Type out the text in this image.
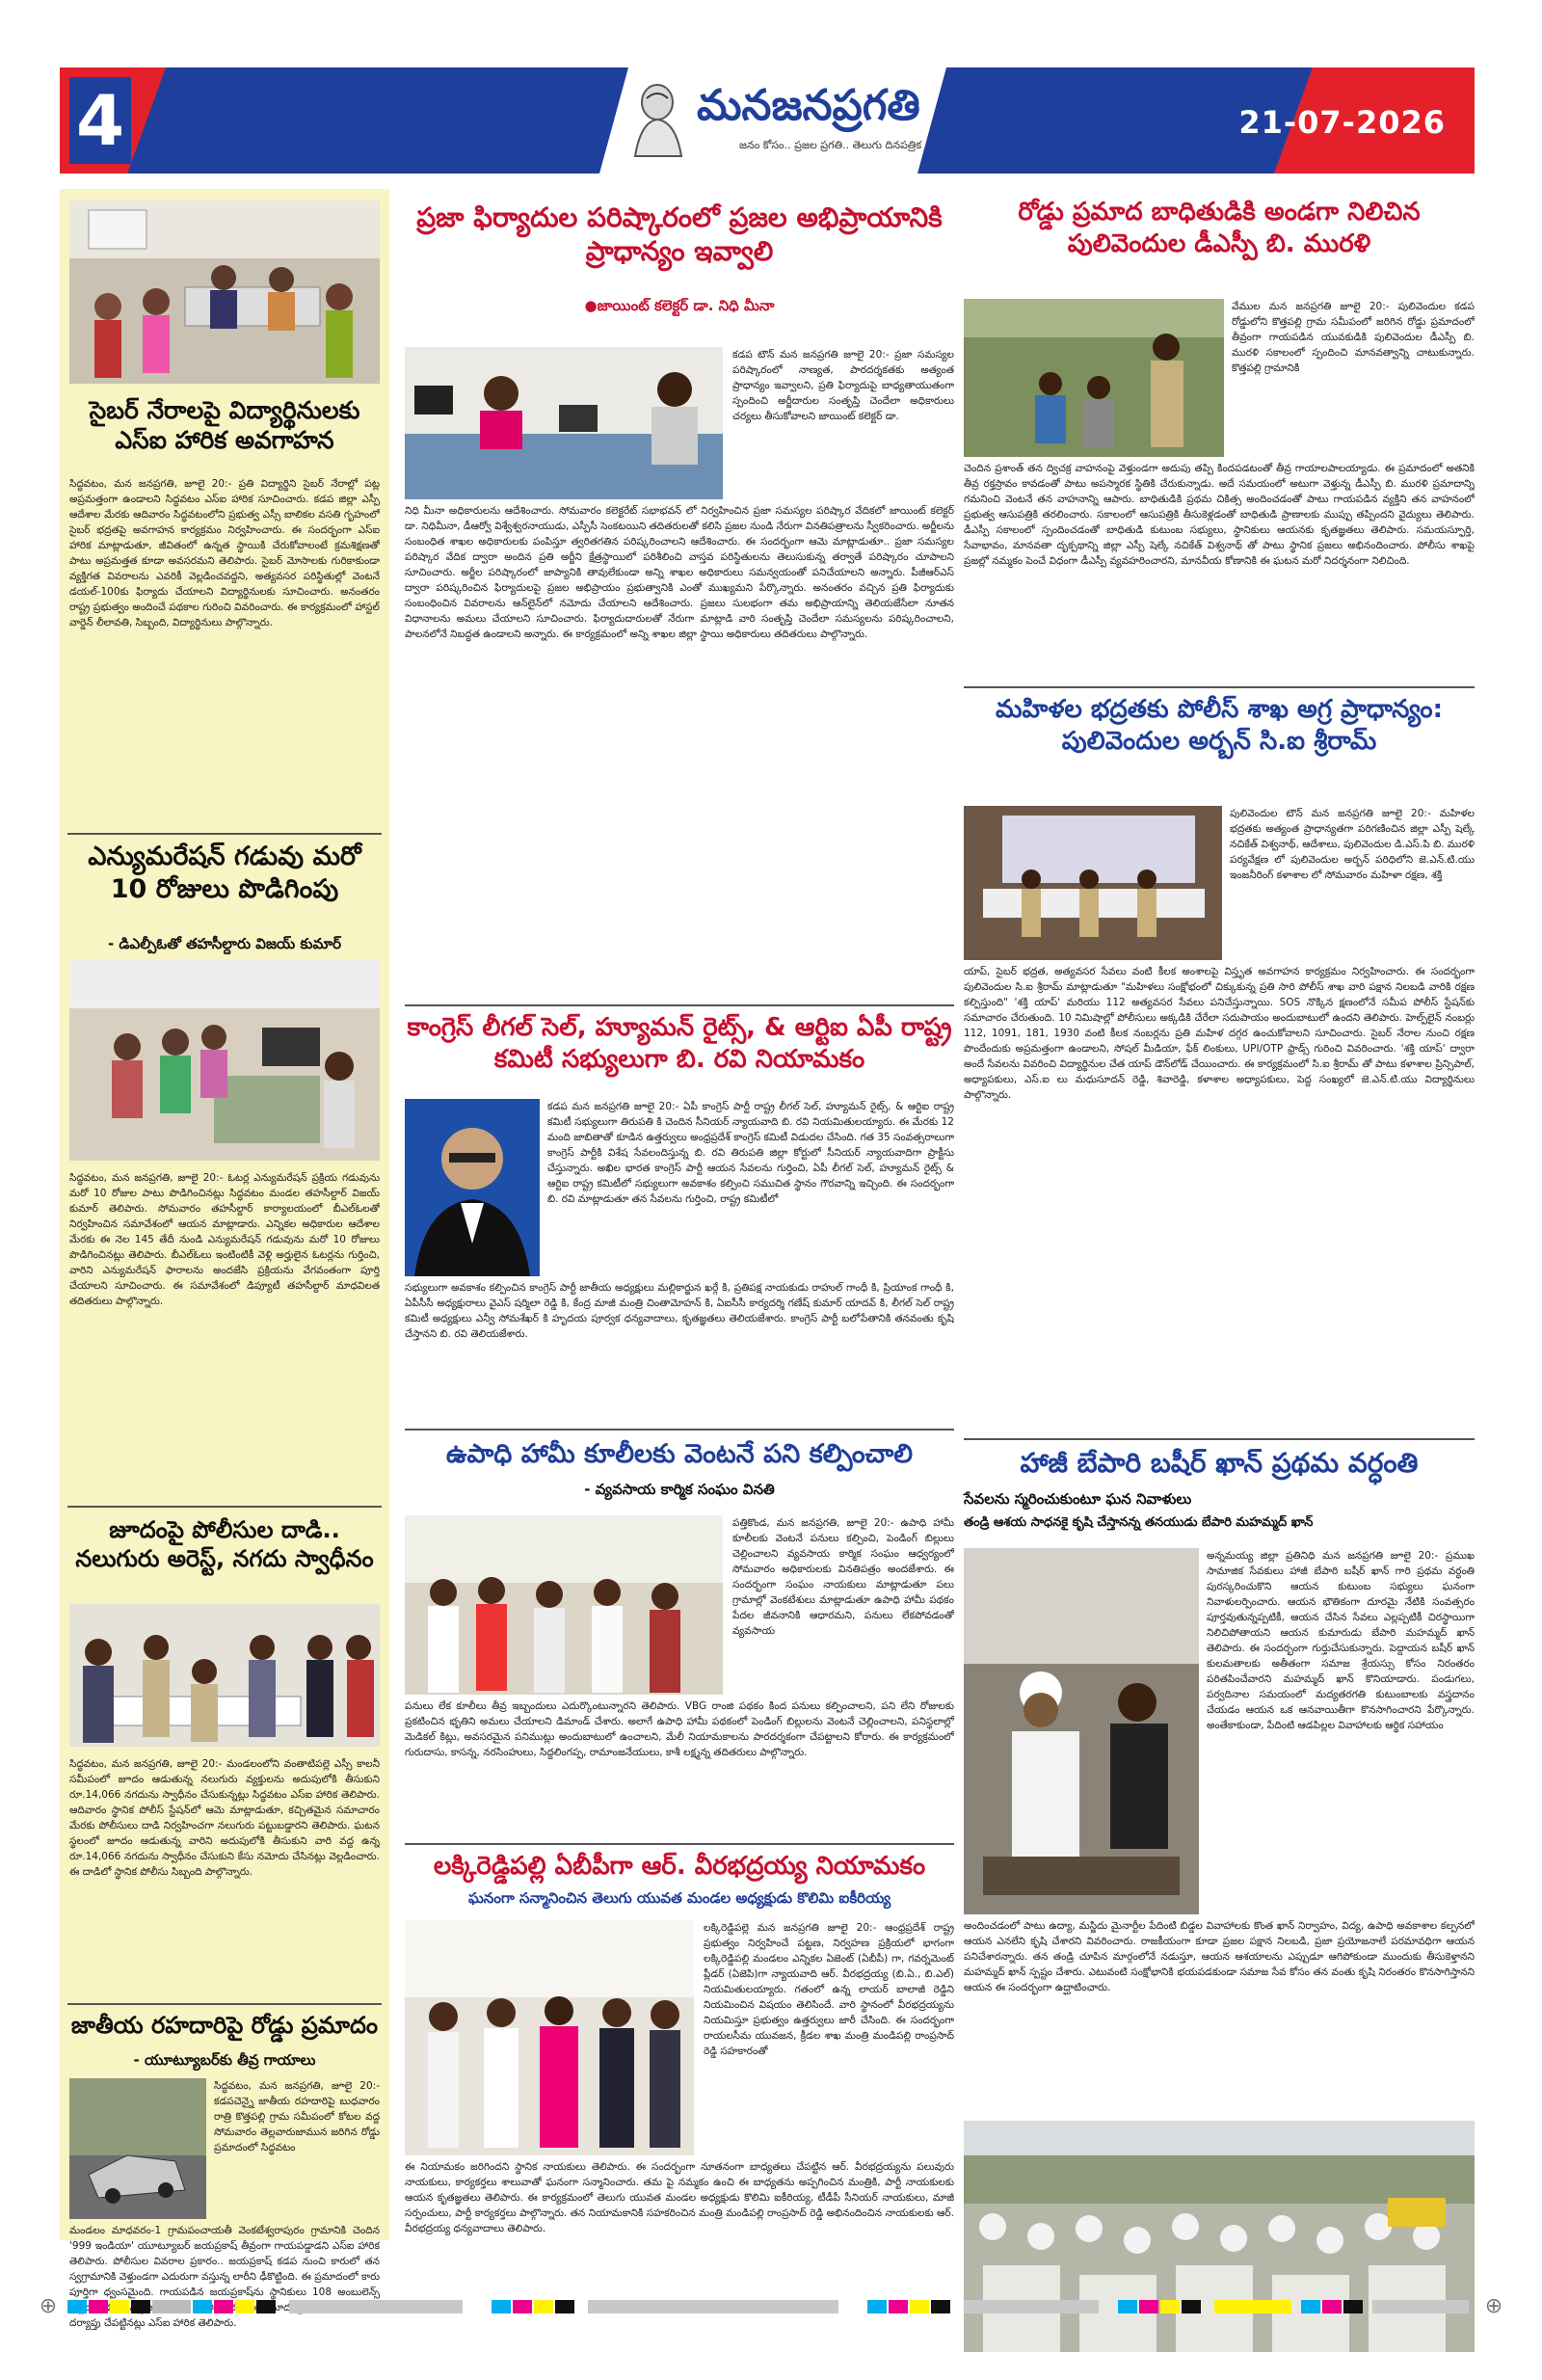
4	మనజనప్రగతి
జనం కోసం.. ప్రజల ప్రగతి.. తెలుగు దినపత్రిక
21-07-2026
సైబర్ నేరాలపై విద్యార్థినులకు ఎస్ఐ హారిక అవగాహన
సిద్ధవటం, మన జనప్రగతి, జూలై 20:- ప్రతి విద్యార్థిని సైబర్ నేరాల్లో పట్ల అప్రమత్తంగా ఉండాలని సిద్ధవటం ఎస్ఐ హారిక సూచించారు. కడప జిల్లా ఎస్పీ ఆదేశాల మేరకు ఆదివారం సిద్ధవటంలోని ప్రభుత్వ ఎస్సీ బాలికల వసతి గృహంలో సైబర్ భద్రతపై అవగాహన కార్యక్రమం నిర్వహించారు. ఈ సందర్భంగా ఎస్ఐ హారిక మాట్లాడుతూ, జీవితంలో ఉన్నత స్థాయికి చేరుకోవాలంటే క్రమశిక్షణతో పాటు అప్రమత్తత కూడా అవసరమని తెలిపారు. సైబర్ మోసాలకు గురికాకుండా వ్యక్తిగత వివరాలను ఎవరికీ వెల్లడించవద్దని, అత్యవసర పరిస్థితుల్లో వెంటనే డయల్-100కు ఫిర్యాదు చేయాలని విద్యార్థినులకు సూచించారు. అనంతరం రాష్ట్ర ప్రభుత్వం అందించే పథకాల గురించి వివరించారు. ఈ కార్యక్రమంలో హాస్టల్ వార్డెన్ లీలావతి, సిబ్బంది, విద్యార్థినులు పాల్గొన్నారు.
ఎన్యుమరేషన్ గడువు మరో 10 రోజులు పొడిగింపు
- డిఎల్పీఓతో తహసీల్దారు విజయ్ కుమార్
సిద్ధవటం, మన జనప్రగతి, జూలై 20:- ఓటర్ల ఎన్యుమరేషన్ ప్రక్రియ గడువును మరో 10 రోజుల పాటు పొడిగించినట్లు సిద్ధవటం మండల తహసీల్దార్ విజయ్ కుమార్ తెలిపారు. సోమవారం తహసీల్దార్ కార్యాలయంలో బీఎల్ఓలతో నిర్వహించిన సమావేశంలో ఆయన మాట్లాడారు. ఎన్నికల అధికారుల ఆదేశాల మేరకు ఈ నెల 145 తేదీ నుండి ఎన్యుమరేషన్ గడువును మరో 10 రోజులు పొడిగించినట్లు తెలిపారు. బీఎల్ఓలు ఇంటింటికీ వెళ్లి అర్హులైన ఓటర్లను గుర్తించి, వారిని ఎన్యుమరేషన్ ఫారాలను అందజేసి ప్రక్రియను వేగవంతంగా పూర్తి చేయాలని సూచించారు. ఈ సమావేశంలో డిప్యూటీ తహసీల్దార్ మాధవిలత తదితరులు పాల్గొన్నారు.
జూదంపై పోలీసుల దాడి.. నలుగురు అరెస్ట్, నగదు స్వాధీనం
సిద్ధవటం, మన జనప్రగతి, జూలై 20:- మండలంలోని వంతాటిపల్లె ఎస్సీ కాలనీ సమీపంలో జూదం ఆడుతున్న నలుగురు వ్యక్తులను అదుపులోకి తీసుకుని రూ.14,066 నగదును స్వాధీనం చేసుకున్నట్లు సిద్ధవటం ఎస్ఐ హారిక తెలిపారు. ఆదివారం స్థానిక పోలీస్ స్టేషన్‌లో ఆమె మాట్లాడుతూ, కచ్చితమైన సమాచారం మేరకు పోలీసులు దాడి నిర్వహించగా నలుగురు పట్టుబడ్డారని తెలిపారు. ఘటన స్థలంలో జూదం ఆడుతున్న వారిని అదుపులోకి తీసుకుని వారి వద్ద ఉన్న రూ.14,066 నగదును స్వాధీనం చేసుకుని కేసు నమోదు చేసినట్లు వెల్లడించారు. ఈ దాడిలో స్థానిక పోలీసు సిబ్బంది పాల్గొన్నారు.
జాతీయ రహదారిపై రోడ్డు ప్రమాదం
- యూట్యూబర్‌కు తీవ్ర గాయాలు
సిద్ధవటం, మన జనప్రగతి, జూలై 20:- కడపచెన్నై జాతీయ రహదారిపై బుధవారం రాత్రి కొత్తపల్లి గ్రామ సమీపంలో కోటల వద్ద సోమవారం తెల్లవారుజామున జరిగిన రోడ్డు ప్రమాదంలో సిద్ధవటం
మండలం మాధవరం-1 గ్రామపంచాయతీ వెంకటేశ్వరాపురం గ్రామానికి చెందిన '999 ఇండియా' యూట్యూబర్ జయప్రకాష్ తీవ్రంగా గాయపడ్డాడని ఎస్ఐ హారిక తెలిపారు. పోలీసుల వివరాల ప్రకారం.. జయప్రకాష్ కడప నుంచి కారులో తన స్వగ్రామానికి వెళ్తుండగా ఎదురుగా వస్తున్న లారీని ఢీకొట్టింది. ఈ ప్రమాదంలో కారు పూర్తిగా ధ్వంసమైంది. గాయపడిన జయప్రకాష్‌ను స్థానికులు 108 అంబులెన్స్ కడప ప్రమాదంపై దర్యాప్తు చేపట్టినట్లు ఎస్ఐ హారిక తెలిపారు.
ప్రజా ఫిర్యాదుల పరిష్కారంలో ప్రజల అభిప్రాయానికి ప్రాధాన్యం ఇవ్వాలి
●జాయింట్ కలెక్టర్ డా. నిధి మీనా
కడప టౌన్ మన జనప్రగతి జూలై 20:- ప్రజా సమస్యల పరిష్కారంలో నాణ్యత, పారదర్శకతకు అత్యంత ప్రాధాన్యం ఇవ్వాలని, ప్రతి ఫిర్యాదుపై బాధ్యతాయుతంగా స్పందించి అర్జీదారుల సంతృప్తి చెందేలా అధికారులు చర్యలు తీసుకోవాలని జాయింట్ కలెక్టర్ డా.
నిధి మీనా అధికారులను ఆదేశించారు. సోమవారం కలెక్టరేట్ సభాభవన్ లో నిర్వహించిన ప్రజా సమస్యల పరిష్కార వేదికలో జాయింట్ కలెక్టర్ డా. నిధిమీనా, డీఆర్వో విశ్వేశ్వరనాయుడు, ఎస్పీసీ సెంకటయిని తదితరులతో కలిసి ప్రజల నుండి నేరుగా వినతిపత్రాలను స్వీకరించారు. అర్జీలను సంబంధిత శాఖల అధికారులకు పంపిస్తూ త్వరితగతిన పరిష్కరించాలని ఆదేశించారు. ఈ సందర్భంగా ఆమె మాట్లాడుతూ.. ప్రజా సమస్యల పరిష్కార వేదిక ద్వారా అందిన ప్రతి అర్జీని క్షేత్రస్థాయిలో పరిశీలించి వాస్తవ పరిస్థితులను తెలుసుకున్న తర్వాతే పరిష్కారం చూపాలని సూచించారు. అర్జీల పరిష్కారంలో జాప్యానికి తావులేకుండా అన్ని శాఖల అధికారులు సమన్వయంతో పనిచేయాలని అన్నారు. పీజీఆర్ఎస్ ద్వారా పరిష్కరించిన ఫిర్యాదులపై ప్రజల అభిప్రాయం ప్రభుత్వానికి ఎంతో ముఖ్యమని పేర్కొన్నారు. అనంతరం వచ్చిన ప్రతి ఫిర్యాదుకు సంబంధించిన వివరాలను ఆన్‌లైన్‌లో నమోదు చేయాలని ఆదేశించారు. ప్రజలు సులభంగా తమ అభిప్రాయాన్ని తెలియజేసేలా నూతన విధానాలను అమలు చేయాలని సూచించారు. ఫిర్యాదుదారులతో నేరుగా మాట్లాడి వారి సంతృప్తి చెందేలా సమస్యలను పరిష్కరించాలని, పాలనలోనే నిబద్ధత ఉండాలని అన్నారు. ఈ కార్యక్రమంలో అన్ని శాఖల జిల్లా స్థాయి అధికారులు తదితరులు పాల్గొన్నారు.
కాంగ్రెస్ లీగల్ సెల్, హ్యూమన్ రైట్స్, & ఆర్టిఐ ఏపీ రాష్ట్ర కమిటీ సభ్యులుగా బి. రవి నియామకం
కడప మన జనప్రగతి జూలై 20:- ఏపీ కాంగ్రెస్ పార్టీ రాష్ట్ర లీగల్ సెల్, హ్యూమన్ రైట్స్, & ఆర్టిఐ రాష్ట్ర కమిటీ సభ్యులుగా తిరుపతి కి చెందిన సీనియర్ న్యాయవాది బి. రవి నియమితులయ్యారు. ఈ మేరకు 12 మంది జాబితాతో కూడిన ఉత్తర్వులు అంధ్రప్రదేశ్ కాంగ్రెస్ కమిటీ విడుదల చేసింది. గత 35 సంవత్సరాలుగా కాంగ్రెస్ పార్టీకి విశేష సేవలందిస్తున్న బి. రవి తిరుపతి జిల్లా కోర్టులో సీనియర్ న్యాయవాదిగా ప్రాక్టీసు చేస్తున్నారు. అఖిల భారత కాంగ్రెస్ పార్టీ ఆయన సేవలను గుర్తించి, ఏపీ లీగల్ సెల్, హ్యూమన్ రైట్స్ & ఆర్టిఐ రాష్ట్ర కమిటీలో సభ్యులుగా అవకాశం కల్పించి సముచిత స్థానం గౌరవాన్ని ఇచ్చింది. ఈ సందర్భంగా బి. రవి మాట్లాడుతూ తన సేవలను గుర్తించి, రాష్ట్ర కమిటీలో
సభ్యులుగా అవకాశం కల్పించిన కాంగ్రెస్ పార్టీ జాతీయ అధ్యక్షులు మల్లికార్జున ఖర్గే కి, ప్రతిపక్ష నాయకుడు రాహుల్ గాంధీ కి, ప్రియాంక గాంధీ కి, ఏపీసీసీ అధ్యక్షురాలు వైఎస్ షర్మిలా రెడ్డి కి, కేంద్ర మాజీ మంత్రి చింతామోహన్ కి, ఏఐసీసీ కార్యదర్శి గణేష్ కుమార్ యాదవ్ కి, లీగల్ సెల్ రాష్ట్ర కమిటీ అధ్యక్షులు ఎన్వీ సోమశేఖర్ కి హృదయ పూర్వక ధన్యవాదాలు, కృతజ్ఞతలు తెలియజేశారు. కాంగ్రెస్ పార్టీ బలోపేతానికి తనవంతు కృషి చేస్తానని బి. రవి తెలియజేశారు.
ఉపాధి హామీ కూలీలకు వెంటనే పని కల్పించాలి
- వ్యవసాయ కార్మిక సంఘం వినతి
పత్తికొండ, మన జనప్రగతి, జూలై 20:- ఉపాధి హామీ కూలీలకు వెంటనే పనులు కల్పించి, పెండింగ్ బిల్లులు చెల్లించాలని వ్యవసాయ కార్మిక సంఘం ఆధ్వర్యంలో సోమవారం అధికారులకు వినతిపత్రం అందజేశారు. ఈ సందర్భంగా సంఘం నాయకులు మాట్లాడుతూ పలు గ్రామాల్లో వెంకటేశులు మాట్లాడుతూ ఉపాధి హామీ పథకం పేదల జీవనానికి ఆధారమని, పనులు లేకపోవడంతో వ్యవసాయ
పనులు లేక కూలీలు తీవ్ర ఇబ్బందులు ఎదుర్కొంటున్నారని తెలిపారు. VBG రాంజి పథకం కింద పనులు కల్పించాలని, పని లేని రోజులకు ప్రకటించిన భృతిని అమలు చేయాలని డిమాండ్ చేశారు. అలాగే ఉపాధి హామీ పథకంలో పెండింగ్ బిల్లులను వెంటనే చెల్లించాలని, పనిస్థలాల్లో మెడికల్ కిట్లు, అవసరమైన పనిముట్లు అందుబాటులో ఉంచాలని, మేలీ నియామకాలను పారదర్శకంగా చేపట్టాలని కోరారు. ఈ కార్యక్రమంలో గురుదాసు, కాసన్న, నరసింహులు, సిద్దలింగప్ప, రామాంజనేయులు, కాశీ లక్ష్మన్న తదితరులు పాల్గొన్నారు.
లక్కిరెడ్డిపల్లి ఏబీపీగా ఆర్. వీరభద్రయ్య నియామకం
ఘనంగా సన్మానించిన తెలుగు యువత మండల అధ్యక్షుడు కొలిమి ఐకీరియ్య
లక్కిరెడ్డిపల్లె మన జనప్రగతి జూలై 20:- ఆంధ్రప్రదేశ్ రాష్ట్ర ప్రభుత్వం నిర్వహించే పట్టణ, నిర్వహణ ప్రక్రియలో భాగంగా లక్కిరెడ్డిపల్లి మండలం ఎన్నికల ఏజెంట్ (ఏబీపీ) గా, గవర్నమెంట్ ప్లీడర్ (ఏజెపి)గా న్యాయవాది ఆర్. వీరభద్రయ్య (బి.ఏ., బి.ఎల్) నియమితులయ్యారు. గతంలో ఉన్న లాయర్ బాలాజీ రెడ్డిని నియమించిన విషయం తెలిసిందే. వారి స్థానంలో వీరభద్రయ్యను నియమిస్తూ ప్రభుత్వం ఉత్తర్వులు జారీ చేసింది. ఈ సందర్భంగా రాయలసీమ యువజన, క్రీడల శాఖ మంత్రి మండిపల్లి రాంప్రసాద్ రెడ్డి సహకారంతో
ఈ నియామకం జరిగిందని స్థానిక నాయకులు తెలిపారు. ఈ సందర్భంగా నూతనంగా బాధ్యతలు చేపట్టిన ఆర్. వీరభద్రయ్యను పలువురు నాయకులు, కార్యకర్తలు శాలువాతో ఘనంగా సన్మానించారు. తమ పై నమ్మకం ఉంచి ఈ బాధ్యతను అప్పగించిన మంత్రికి, పార్టీ నాయకులకు ఆయన కృతజ్ఞతలు తెలిపారు. ఈ కార్యక్రమంలో తెలుగు యువత మండల అధ్యక్షుడు కొలిమి ఐకీరియ్య, టీడీపీ సీనియర్ నాయకులు, మాజీ సర్పంచులు, పార్టీ కార్యకర్తలు పాల్గొన్నారు. తన నియామకానికి సహకరించిన మంత్రి మండిపల్లి రాంప్రసాద్ రెడ్డి అభినందించిన నాయకులకు ఆర్. వీరభద్రయ్య ధన్యవాదాలు తెలిపారు.
రోడ్డు ప్రమాద బాధితుడికి అండగా నిలిచిన పులివెందుల డీఎస్పీ బి. మురళి
వేముల మన జనప్రగతి జూలై 20:- పులివెందుల కడప రోడ్డులోని కొత్తపల్లి గ్రామ సమీపంలో జరిగిన రోడ్డు ప్రమాదంలో తీవ్రంగా గాయపడిన యువకుడికి పులివెందుల డీఎస్పీ బి. మురళి సకాలంలో స్పందించి మానవత్వాన్ని చాటుకున్నారు. కొత్తపల్లి గ్రామానికి
చెందిన ప్రశాంత్ తన ద్విచక్ర వాహనంపై వెళ్తుండగా అదుపు తప్పి కిందపడటంతో తీవ్ర గాయాలపాలయ్యాడు. ఈ ప్రమాదంలో అతనికి తీవ్ర రక్తస్రావం కావడంతో పాటు అపస్మారక స్థితికి చేరుకున్నాడు. అదే సమయంలో అటుగా వెళ్తున్న డీఎస్పీ బి. మురళి ప్రమాదాన్ని గమనించి వెంటనే తన వాహనాన్ని ఆపారు. బాధితుడికి ప్రథమ చికిత్స అందించడంతో పాటు గాయపడిన వ్యక్తిని తన వాహనంలో ప్రభుత్వ ఆసుపత్రికి తరలించారు. సకాలంలో ఆసుపత్రికి తీసుకెళ్లడంతో బాధితుడి ప్రాణాలకు ముప్పు తప్పిందని వైద్యులు తెలిపారు. డీఎస్పీ సకాలంలో స్పందించడంతో బాధితుడి కుటుంబ సభ్యులు, స్థానికులు ఆయనకు కృతజ్ఞతలు తెలిపారు. సమయస్ఫూర్తి, సేవాభావం, మానవతా దృక్పథాన్ని జిల్లా ఎస్పీ షెల్కే నచికేత్ విశ్వనాథ్ తో పాటు స్థానిక ప్రజలు అభినందించారు. పోలీసు శాఖపై ప్రజల్లో నమ్మకం పెంచే విధంగా డీఎస్పీ వ్యవహరించారని, మానవీయ కోణానికి ఈ ఘటన మరో నిదర్శనంగా నిలిచింది.
మహిళల భద్రతకు పోలీస్ శాఖ అగ్ర ప్రాధాన్యం: పులివెందుల అర్బన్ సి.ఐ శ్రీరామ్
పులివెందుల టౌన్ మన జనప్రగతి జూలై 20:- మహిళల భద్రతకు అత్యంత ప్రాధాన్యతగా పరిగణించిన జిల్లా ఎస్పీ షెల్కే నచికేత్ విశ్వనాథ్, ఆదేశాలు, పులివెందుల డి.ఎస్.పి బి. మురళి పర్యవేక్షణ లో పులివెందుల అర్బన్ పరిధిలోని జె.ఎన్.టి.యు ఇంజనీరింగ్ కళాశాల లో సోమవారం మహిళా రక్షణ, శక్తి
యాప్, సైబర్ భద్రత, అత్యవసర సేవలు వంటి కీలక అంశాలపై విస్తృత అవగాహన కార్యక్రమం నిర్వహించారు. ఈ సందర్భంగా పులివెందుల సి.ఐ శ్రీరామ్ మాట్లాడుతూ "మహిళలు సంక్షోభంలో చిక్కుకున్న ప్రతి సారి పోలీస్ శాఖ వారి పక్షాన నిలబడి వారికి రక్షణ కల్పిస్తుంది" 'శక్తి యాప్' మరియు 112 అత్యవసర సేవలు పనిచేస్తున్నాయి. SOS నొక్కిన క్షణంలోనే సమీప పోలీస్ స్టేషన్‌కు సమాచారం చేరుతుంది. 10 నిమిషాల్లో పోలీసులు అక్కడికి చేరేలా సదుపాయం అందుబాటులో ఉందని తెలిపారు. హెల్ప్‌లైన్ నంబర్లు 112, 1091, 181, 1930 వంటి కీలక నంబర్లను ప్రతి మహిళ దగ్గర ఉంచుకోవాలని సూచించారు. సైబర్ నేరాల నుంచి రక్షణ పొందేందుకు అప్రమత్తంగా ఉండాలని, సోషల్ మీడియా, ఫేక్ లింకులు, UPI/OTP ఫ్రాడ్స్ గురించి వివరించారు. 'శక్తి యాప్' ద్వారా అందే సేవలను వివరించి విద్యార్థినుల చేత యాప్ డౌన్‌లోడ్ చేయించారు. ఈ కార్యక్రమంలో సి.ఐ శ్రీరామ్ తో పాటు కళాశాల ప్రిన్సిపాల్, అధ్యాపకులు, ఎస్.ఐ లు మధుసూదన్ రెడ్డి, శివారెడ్డి, కళాశాల అధ్యాపకులు, పెద్ద సంఖ్యలో జె.ఎన్.టి.యు విద్యార్థినులు పాల్గొన్నారు.
హాజీ బేపారి బషీర్ ఖాన్ ప్రథమ వర్ధంతి
సేవలను స్మరించుకుంటూ ఘన నివాళులు
తండ్రి ఆశయ సాధనకై కృషి చేస్తానన్న తనయుడు బేపారి మహమ్మద్ ఖాన్
అన్నమయ్య జిల్లా ప్రతినిధి మన జనప్రగతి జూలై 20:- ప్రముఖ సామాజిక సేవకులు హాజీ బేపారి బషీర్ ఖాన్ గారి ప్రథమ వర్ధంతి పురస్కరించుకొని ఆయన కుటుంబ సభ్యులు ఘనంగా నివాళులర్పించారు. ఆయన భౌతికంగా దూరమై నేటికి సంవత్సరం పూర్తవుతున్నప్పటికీ, ఆయన చేసిన సేవలు ఎల్లప్పటికీ చిరస్థాయిగా నిలిచిపోతాయని ఆయన కుమారుడు బేపారి మహమ్మద్ ఖాన్ తెలిపారు. ఈ సందర్భంగా గుర్తుచేసుకున్నారు. పెద్దాయన బషీర్ ఖాన్ కులమతాలకు అతీతంగా సమాజ శ్రేయస్సు కోసం నిరంతరం పరితపించేవారని మహమ్మద్ ఖాన్ కొనియాడారు. పండుగలు, పర్వదినాల సమయంలో మద్యతరగతి కుటుంబాలకు వస్త్రదానం చేయడం ఆయన ఒక ఆనవాయితీగా కొనసాగించారని పేర్కొన్నారు. అంతేకాకుండా, పేదింటి ఆడపిల్లల వివాహాలకు ఆర్థిక సహాయం
అందించడంలో పాటు ఉద్యా, మస్జిదు మైనార్టీల పేదింటి బిడ్డల వివాహాలకు కొంత ఖాన్ నిర్వాహం, విద్య, ఉపాధి అవకాశాల కల్పనలో ఆయన ఎనలేని కృషి చేశారని వివరించారు. రాజకీయంగా కూడా ప్రజల పక్షాన నిలబడి, ప్రజా ప్రయోజనాలే పరమావధిగా ఆయన పనిచేశారన్నారు. తన తండ్రి చూపిన మార్గంలోనే నడుస్తూ, ఆయన ఆశయాలను ఎప్పుడూ ఆగిపోకుండా ముందుకు తీసుకెళ్తానని మహమ్మద్ ఖాన్ స్పష్టం చేశారు. ఎటువంటి సంక్షోభానికి భయపడకుండా సమాజ సేవ కోసం తన వంతు కృషి నిరంతరం కొనసాగిస్తానని ఆయన ఈ సందర్భంగా ఉద్ఘాటించారు.
⊕	⊕
